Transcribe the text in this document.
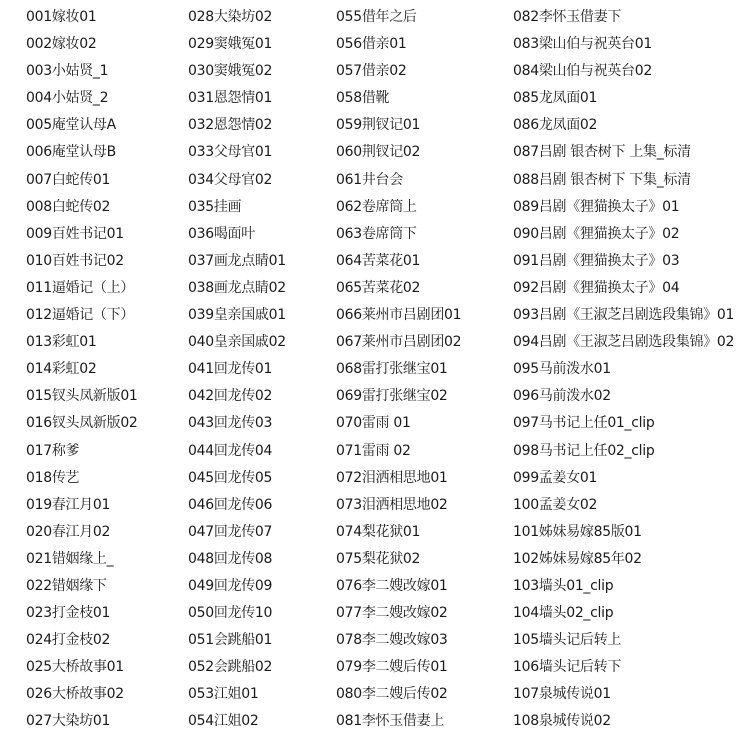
001嫁妆01
002嫁妆02
003小姑贤_1
004小姑贤_2
005庵堂认母A
006庵堂认母B
007白蛇传01
008白蛇传02
009百姓书记01
010百姓书记02
011逼婚记（上）
012逼婚记（下）
013彩虹01
014彩虹02
015钗头凤新版01
016钗头凤新版02
017称爹
018传艺
019春江月01
020春江月02
021错姻缘上_
022错姻缘下
023打金枝01
024打金枝02
025大桥故事01
026大桥故事02
027大染坊01
028大染坊02
029窦娥冤01
030窦娥冤02
031恩怨情01
032恩怨情02
033父母官01
034父母官02
035挂画
036喝面叶
037画龙点睛01
038画龙点睛02
039皇亲国戚01
040皇亲国戚02
041回龙传01
042回龙传02
043回龙传03
044回龙传04
045回龙传05
046回龙传06
047回龙传07
048回龙传08
049回龙传09
050回龙传10
051会跳船01
052会跳船02
053江姐01
054江姐02
055借年之后
056借亲01
057借亲02
058借靴
059荆钗记01
060荆钗记02
061井台会
062卷席筒上
063卷席筒下
064苦菜花01
065苦菜花02
066莱州市吕剧团01
067莱州市吕剧团02
068雷打张继宝01
069雷打张继宝02
070雷雨 01
071雷雨 02
072泪洒相思地01
073泪洒相思地02
074梨花狱01
075梨花狱02
076李二嫂改嫁01
077李二嫂改嫁02
078李二嫂改嫁03
079李二嫂后传01
080李二嫂后传02
081李怀玉借妻上
082李怀玉借妻下
083梁山伯与祝英台01
084梁山伯与祝英台02
085龙凤面01
086龙凤面02
087吕剧 银杏树下 上集_标清
088吕剧 银杏树下 下集_标清
089吕剧《狸猫换太子》01
090吕剧《狸猫换太子》02
091吕剧《狸猫换太子》03
092吕剧《狸猫换太子》04
093吕剧《王淑芝吕剧选段集锦》01
094吕剧《王淑芝吕剧选段集锦》02
095马前泼水01
096马前泼水02
097马书记上任01_clip
098马书记上任02_clip
099孟姜女01
100孟姜女02
101姊妹易嫁85版01
102姊妹易嫁85年02
103墙头01_clip
104墙头02_clip
105墙头记后转上
106墙头记后转下
107泉城传说01
108泉城传说02
